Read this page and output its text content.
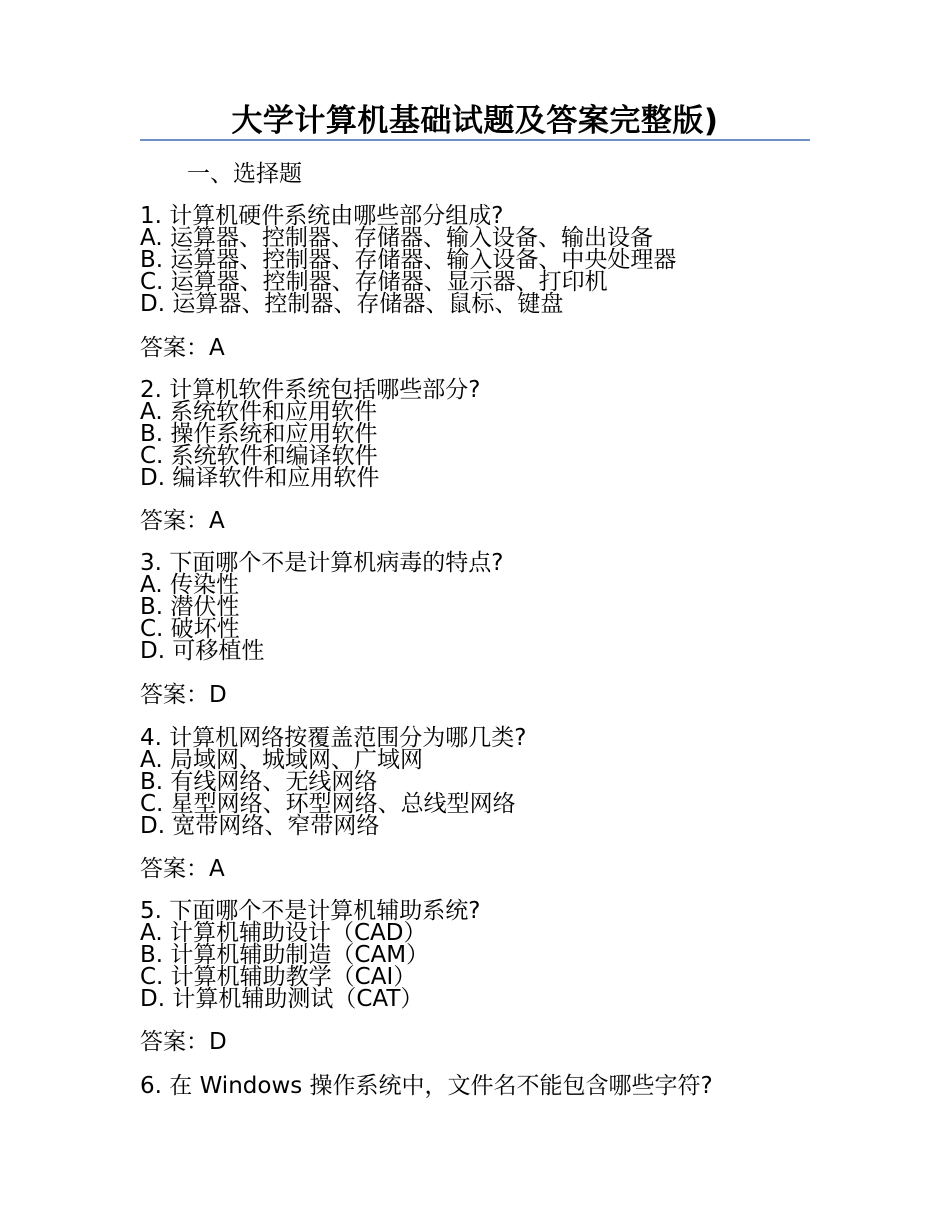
大学计算机基础试题及答案完整版)
一、选择题
1. 计算机硬件系统由哪些部分组成?
A. 运算器、控制器、存储器、输入设备、输出设备
B. 运算器、控制器、存储器、输入设备、中央处理器
C. 运算器、控制器、存储器、显示器、打印机
D. 运算器、控制器、存储器、鼠标、键盘
答案：A
2. 计算机软件系统包括哪些部分?
A. 系统软件和应用软件
B. 操作系统和应用软件
C. 系统软件和编译软件
D. 编译软件和应用软件
答案：A
3. 下面哪个不是计算机病毒的特点?
A. 传染性
B. 潜伏性
C. 破坏性
D. 可移植性
答案：D
4. 计算机网络按覆盖范围分为哪几类?
A. 局域网、城域网、广域网
B. 有线网络、无线网络
C. 星型网络、环型网络、总线型网络
D. 宽带网络、窄带网络
答案：A
5. 下面哪个不是计算机辅助系统?
A. 计算机辅助设计（CAD）
B. 计算机辅助制造（CAM）
C. 计算机辅助教学（CAI）
D. 计算机辅助测试（CAT）
答案：D
6. 在 Windows 操作系统中，文件名不能包含哪些字符?
